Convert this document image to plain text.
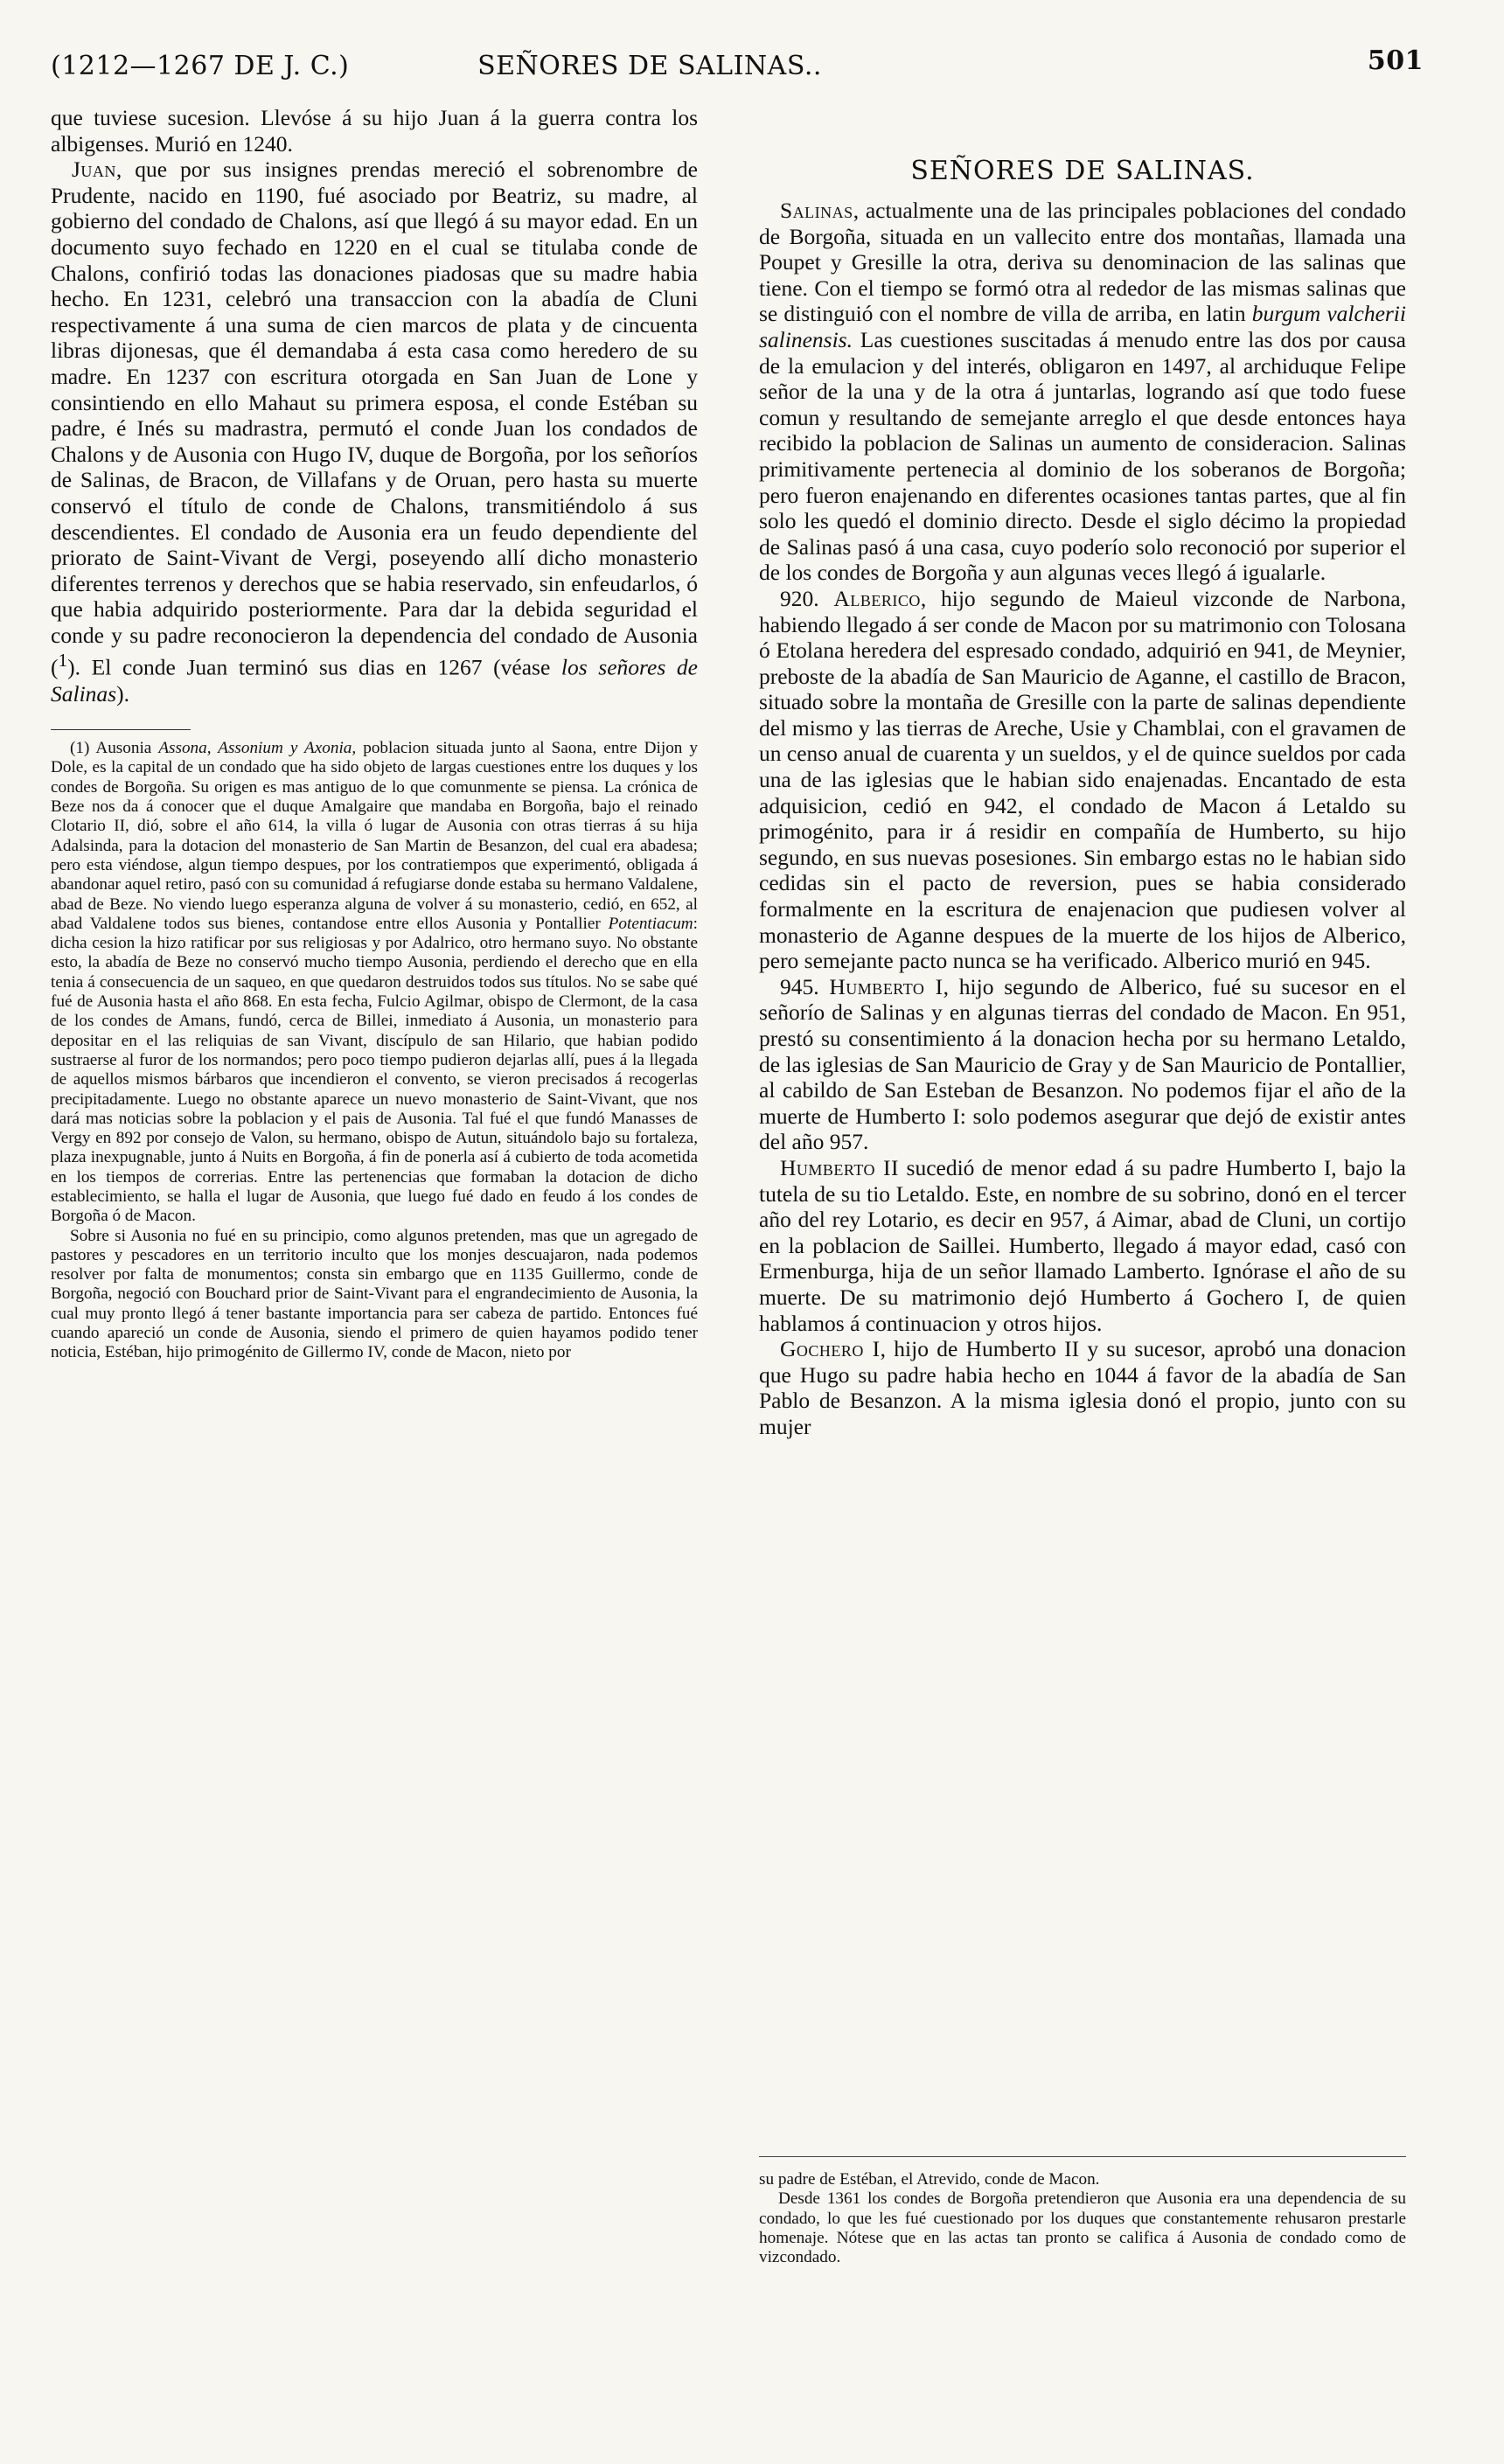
(1212—1267 DE J. C.)	SEÑORES DE SALINAS..	501

que tuviese sucesion. Llevóse á su hijo Juan á la guerra contra los albigenses. Murió en 1240.

Juan, que por sus insignes prendas mereció el sobrenombre de Prudente, nacido en 1190, fué asociado por Beatriz, su madre, al gobierno del condado de Chalons, así que llegó á su mayor edad. En un documento suyo fechado en 1220 en el cual se titulaba conde de Chalons, confirió todas las donaciones piadosas que su madre habia hecho. En 1231, celebró una transaccion con la abadía de Cluni respectivamente á una suma de cien marcos de plata y de cincuenta libras dijonesas, que él demandaba á esta casa como heredero de su madre. En 1237 con escritura otorgada en San Juan de Lone y consintiendo en ello Mahaut su primera esposa, el conde Estéban su padre, é Inés su madrastra, permutó el conde Juan los condados de Chalons y de Ausonia con Hugo IV, duque de Borgoña, por los señoríos de Salinas, de Bracon, de Villafans y de Oruan, pero hasta su muerte conservó el título de conde de Chalons, transmitiéndolo á sus descendientes. El condado de Ausonia era un feudo dependiente del priorato de Saint-Vivant de Vergi, poseyendo allí dicho monasterio diferentes terrenos y derechos que se habia reservado, sin enfeudarlos, ó que habia adquirido posteriormente. Para dar la debida seguridad el conde y su padre reconocieron la dependencia del condado de Ausonia ($^1$). El conde Juan terminó sus dias en 1267 (véase los señores de Salinas).

(1) Ausonia Assona, Assonium y Axonia, poblacion situada junto al Saona, entre Dijon y Dole, es la capital de un condado que ha sido objeto de largas cuestiones entre los duques y los condes de Borgoña. Su origen es mas antiguo de lo que comunmente se piensa. La crónica de Beze nos da á conocer que el duque Amalgaire que mandaba en Borgoña, bajo el reinado Clotario II, dió, sobre el año 614, la villa ó lugar de Ausonia con otras tierras á su hija Adalsinda, para la dotacion del monasterio de San Martin de Besanzon, del cual era abadesa; pero esta viéndose, algun tiempo despues, por los contratiempos que experimentó, obligada á abandonar aquel retiro, pasó con su comunidad á refugiarse donde estaba su hermano Valdalene, abad de Beze. No viendo luego esperanza alguna de volver á su monasterio, cedió, en 652, al abad Valdalene todos sus bienes, contandose entre ellos Ausonia y Pontallier Potentiacum: dicha cesion la hizo ratificar por sus religiosas y por Adalrico, otro hermano suyo. No obstante esto, la abadía de Beze no conservó mucho tiempo Ausonia, perdiendo el derecho que en ella tenia á consecuencia de un saqueo, en que quedaron destruidos todos sus títulos. No se sabe qué fué de Ausonia hasta el año 868. En esta fecha, Fulcio Agilmar, obispo de Clermont, de la casa de los condes de Amans, fundó, cerca de Billei, inmediato á Ausonia, un monasterio para depositar en el las reliquias de san Vivant, discípulo de san Hilario, que habian podido sustraerse al furor de los normandos; pero poco tiempo pudieron dejarlas allí, pues á la llegada de aquellos mismos bárbaros que incendieron el convento, se vieron precisados á recogerlas precipitadamente. Luego no obstante aparece un nuevo monasterio de Saint-Vivant, que nos dará mas noticias sobre la poblacion y el pais de Ausonia. Tal fué el que fundó Manasses de Vergy en 892 por consejo de Valon, su hermano, obispo de Autun, situándolo bajo su fortaleza, plaza inexpugnable, junto á Nuits en Borgoña, á fin de ponerla así á cubierto de toda acometida en los tiempos de correrias. Entre las pertenencias que formaban la dotacion de dicho establecimiento, se halla el lugar de Ausonia, que luego fué dado en feudo á los condes de Borgoña ó de Macon.

Sobre si Ausonia no fué en su principio, como algunos pretenden, mas que un agregado de pastores y pescadores en un territorio inculto que los monjes descuajaron, nada podemos resolver por falta de monumentos; consta sin embargo que en 1135 Guillermo, conde de Borgoña, negoció con Bouchard prior de Saint-Vivant para el engrandecimiento de Ausonia, la cual muy pronto llegó á tener bastante importancia para ser cabeza de partido. Entonces fué cuando apareció un conde de Ausonia, siendo el primero de quien hayamos podido tener noticia, Estéban, hijo primogénito de Gillermo IV, conde de Macon, nieto por

SEÑORES DE SALINAS.

Salinas, actualmente una de las principales poblaciones del condado de Borgoña, situada en un vallecito entre dos montañas, llamada una Poupet y Gresille la otra, deriva su denominacion de las salinas que tiene. Con el tiempo se formó otra al rededor de las mismas salinas que se distinguió con el nombre de villa de arriba, en latin burgum valcherii salinensis. Las cuestiones suscitadas á menudo entre las dos por causa de la emulacion y del interés, obligaron en 1497, al archiduque Felipe señor de la una y de la otra á juntarlas, logrando así que todo fuese comun y resultando de semejante arreglo el que desde entonces haya recibido la poblacion de Salinas un aumento de consideracion. Salinas primitivamente pertenecia al dominio de los soberanos de Borgoña; pero fueron enajenando en diferentes ocasiones tantas partes, que al fin solo les quedó el dominio directo. Desde el siglo décimo la propiedad de Salinas pasó á una casa, cuyo poderío solo reconoció por superior el de los condes de Borgoña y aun algunas veces llegó á igualarle.

920. Alberico, hijo segundo de Maieul vizconde de Narbona, habiendo llegado á ser conde de Macon por su matrimonio con Tolosana ó Etolana heredera del espresado condado, adquirió en 941, de Meynier, preboste de la abadía de San Mauricio de Aganne, el castillo de Bracon, situado sobre la montaña de Gresille con la parte de salinas dependiente del mismo y las tierras de Areche, Usie y Chamblai, con el gravamen de un censo anual de cuarenta y un sueldos, y el de quince sueldos por cada una de las iglesias que le habian sido enajenadas. Encantado de esta adquisicion, cedió en 942, el condado de Macon á Letaldo su primogénito, para ir á residir en compañía de Humberto, su hijo segundo, en sus nuevas posesiones. Sin embargo estas no le habian sido cedidas sin el pacto de reversion, pues se habia considerado formalmente en la escritura de enajenacion que pudiesen volver al monasterio de Aganne despues de la muerte de los hijos de Alberico, pero semejante pacto nunca se ha verificado. Alberico murió en 945.

945. Humberto I, hijo segundo de Alberico, fué su sucesor en el señorío de Salinas y en algunas tierras del condado de Macon. En 951, prestó su consentimiento á la donacion hecha por su hermano Letaldo, de las iglesias de San Mauricio de Gray y de San Mauricio de Pontallier, al cabildo de San Esteban de Besanzon. No podemos fijar el año de la muerte de Humberto I: solo podemos asegurar que dejó de existir antes del año 957.

Humberto II sucedió de menor edad á su padre Humberto I, bajo la tutela de su tio Letaldo. Este, en nombre de su sobrino, donó en el tercer año del rey Lotario, es decir en 957, á Aimar, abad de Cluni, un cortijo en la poblacion de Saillei. Humberto, llegado á mayor edad, casó con Ermenburga, hija de un señor llamado Lamberto. Ignórase el año de su muerte. De su matrimonio dejó Humberto á Gochero I, de quien hablamos á continuacion y otros hijos.

Gochero I, hijo de Humberto II y su sucesor, aprobó una donacion que Hugo su padre habia hecho en 1044 á favor de la abadía de San Pablo de Besanzon. A la misma iglesia donó el propio, junto con su mujer

su padre de Estéban, el Atrevido, conde de Macon.

Desde 1361 los condes de Borgoña pretendieron que Ausonia era una dependencia de su condado, lo que les fué cuestionado por los duques que constantemente rehusaron prestarle homenaje. Nótese que en las actas tan pronto se califica á Ausonia de condado como de vizcondado.
